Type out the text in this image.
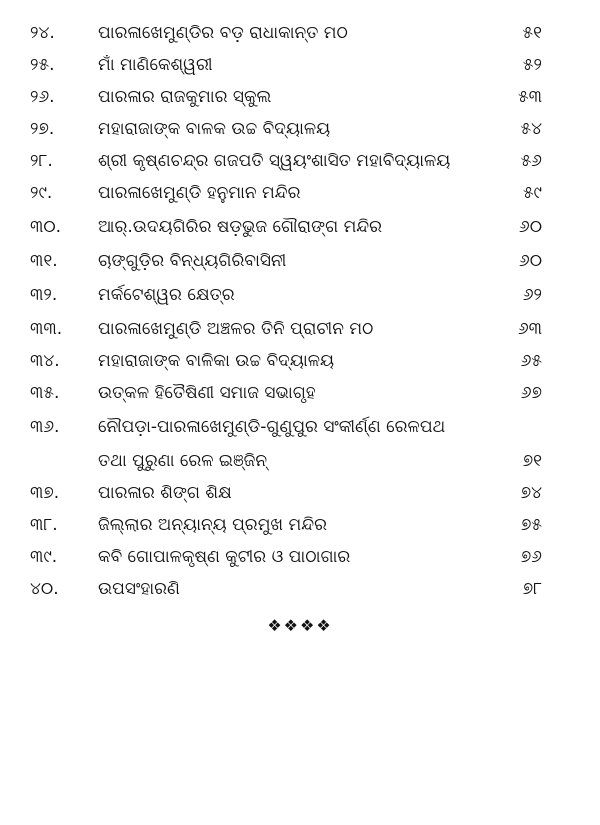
୨୪.	ପାରଳାଖେମୁଣ୍ଡିର ବଡ଼ ରାଧାକାନ୍ତ ମଠ	୫୧
୨୫.	ମାଁ ମାଣିକେଶ୍ୱରୀ	୫୨
୨୬.	ପାରଳାର ରାଜକୁମାର ସ୍କୁଲ	୫୩
୨୭.	ମହାରାଜାଙ୍କ ବାଳକ ଉଚ୍ଚ ବିଦ୍ୟାଳୟ	୫୪
୨୮.	ଶ୍ରୀ କୃଷ୍ଣଚନ୍ଦ୍ର ଗଜପତି ସ୍ୱୟଂଶାସିତ ମହାବିଦ୍ୟାଳୟ	୫୬
୨୯.	ପାରଳାଖେମୁଣ୍ଡି ହନୁମାନ ମନ୍ଦିର	୫୯
୩୦.	ଆର୍.ଉଦୟଗିରିର ଷଡ଼ଭୁଜ ଗୌରାଙ୍ଗ ମନ୍ଦିର	୬୦
୩୧.	ଚାଙ୍ଗୁଡ଼ିର ବିନ୍ଧ୍ୟଗିରିବାସିନୀ	୬୦
୩୨.	ମର୍କଟେଶ୍ୱର କ୍ଷେତ୍ର	୬୨
୩୩.	ପାରଳାଖେମୁଣ୍ଡି ଅଞ୍ଚଳର ତିନି ପ୍ରାଚୀନ ମଠ	୬୩
୩୪.	ମହାରାଜାଙ୍କ ବାଳିକା ଉଚ୍ଚ ବିଦ୍ୟାଳୟ	୬୫
୩୫.	ଉତ୍କଳ ହିତୈଷିଣୀ ସମାଜ ସଭାଗୃହ	୬୭
୩୬.	ନୌପଡ଼ା-ପାରଳାଖେମୁଣ୍ଡି-ଗୁଣୁପୁର ସଂକୀର୍ଣ୍ଣ ରେଳପଥ
ତଥା ପୁରୁଣା ରେଳ ଇଞ୍ଜିନ୍	୭୧
୩୭.	ପାରଳାର ଶିଙ୍ଗ ଶିକ୍ଷ	୭୪
୩୮.	ଜିଲ୍ଲାର ଅନ୍ୟାନ୍ୟ ପ୍ରମୁଖ ମନ୍ଦିର	୭୫
୩୯.	କବି ଗୋପାଳକୃଷ୍ଣ କୁଟୀର ଓ ପାଠାଗାର	୭୬
୪୦.	ଉପସଂହାରଣି	୭୮
❖❖❖❖
